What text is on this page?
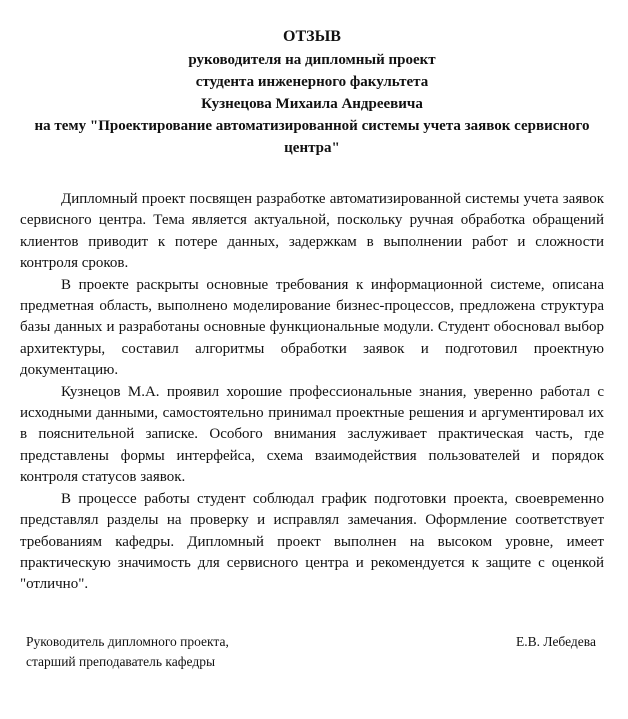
ОТЗЫВ
руководителя на дипломный проект
студента инженерного факультета
Кузнецова Михаила Андреевича
на тему "Проектирование автоматизированной системы учета заявок сервисного
центра"

Дипломный проект посвящен разработке автоматизированной системы учета заявок сервисного центра. Тема является актуальной, поскольку ручная обработка обращений клиентов приводит к потере данных, задержкам в выполнении работ и сложности контроля сроков.

В проекте раскрыты основные требования к информационной системе, описана предметная область, выполнено моделирование бизнес-процессов, предложена структура базы данных и разработаны основные функциональные модули. Студент обосновал выбор архитектуры, составил алгоритмы обработки заявок и подготовил проектную документацию.

Кузнецов М.А. проявил хорошие профессиональные знания, уверенно работал с исходными данными, самостоятельно принимал проектные решения и аргументировал их в пояснительной записке. Особого внимания заслуживает практическая часть, где представлены формы интерфейса, схема взаимодействия пользователей и порядок контроля статусов заявок.

В процессе работы студент соблюдал график подготовки проекта, своевременно представлял разделы на проверку и исправлял замечания. Оформление соответствует требованиям кафедры. Дипломный проект выполнен на высоком уровне, имеет практическую значимость для сервисного центра и рекомендуется к защите с оценкой "отлично".

Руководитель дипломного проекта,
старший преподаватель кафедры
Е.В. Лебедева
